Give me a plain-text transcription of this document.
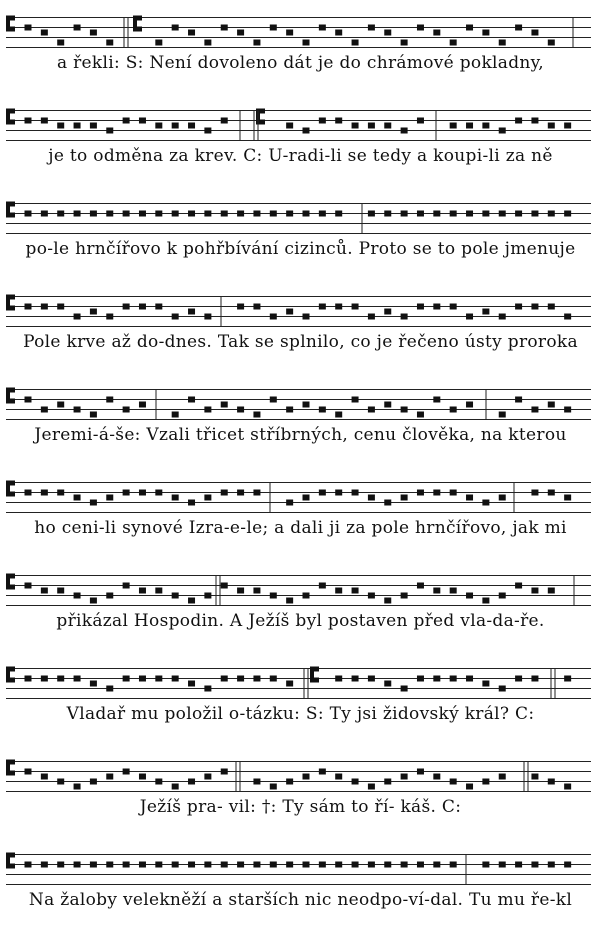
a řekli: S: Není dovoleno dát je do chrámové pokladny,
je to odměna za krev. C: U-radi-li se tedy a koupi-li za ně
po-le hrnčířovo k pohřbívání cizinců. Proto se to pole jmenuje
Pole krve až do-dnes. Tak se splnilo, co je řečeno ústy proroka
Jeremi-á-še: Vzali třicet stříbrných, cenu člověka, na kterou
ho ceni-li synové Izra-e-le; a dali ji za pole hrnčířovo, jak mi
přikázal Hospodin. A Ježíš byl postaven před vla-da-ře.
Vladař mu položil o-tázku: S: Ty jsi židovský král? C:
Ježíš pra- vil: †: Ty sám to ří- káš. C:
Na žaloby velekněží a starších nic neodpo-ví-dal. Tu mu ře-kl
